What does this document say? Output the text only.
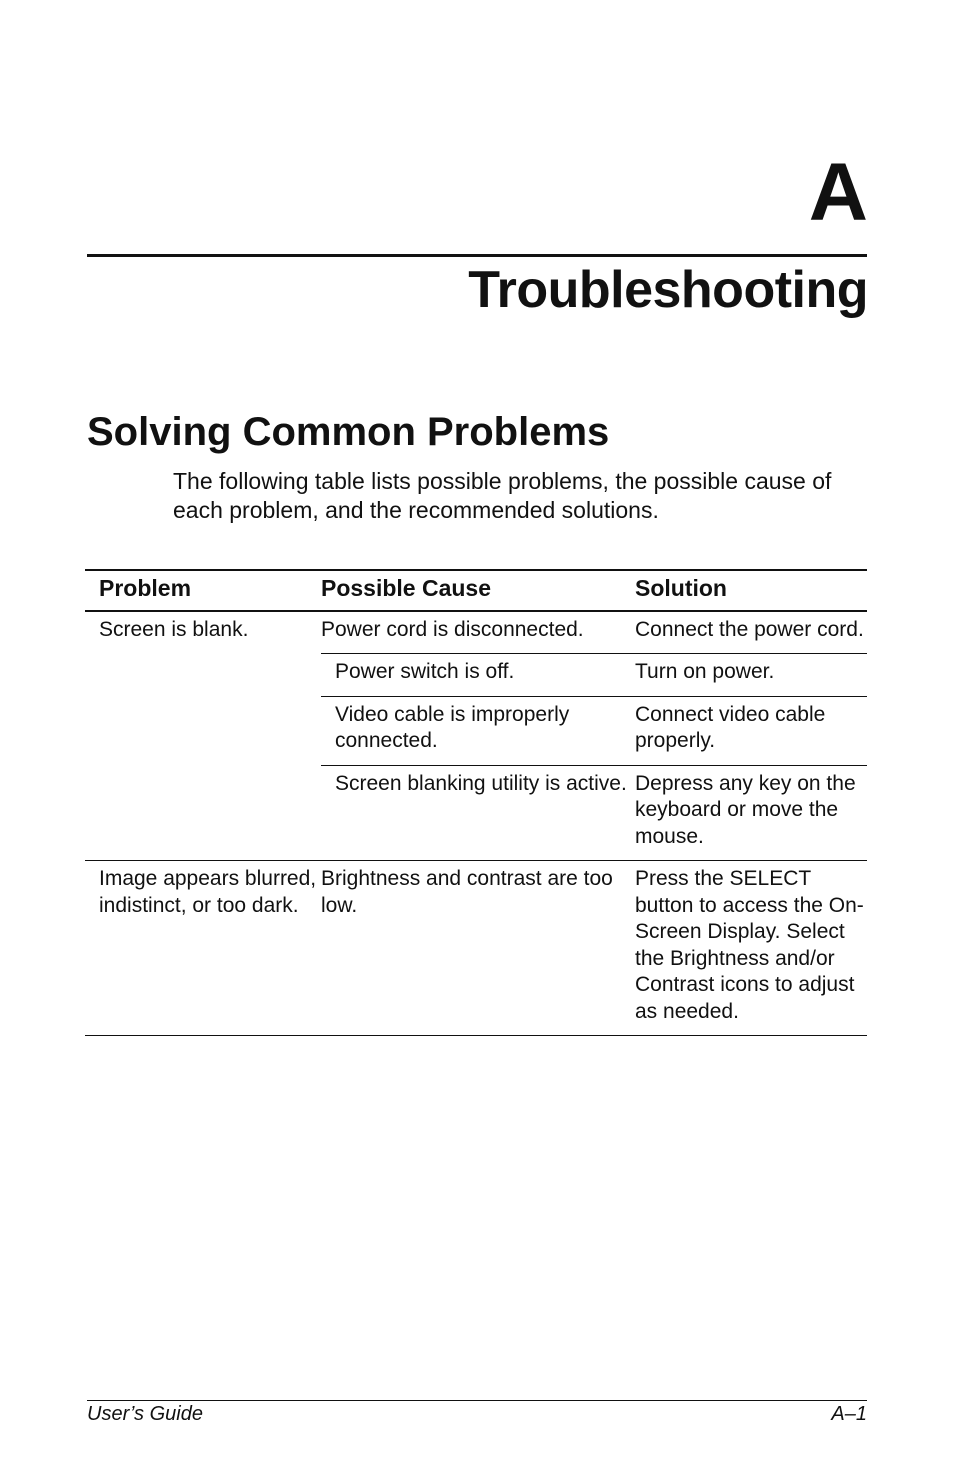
A
Troubleshooting
Solving Common Problems

The following table lists possible problems, the possible cause of each problem, and the recommended solutions.

Problem	Possible Cause	Solution
Screen is blank.	Power cord is disconnected.	Connect the power cord.
	Power switch is off.	Turn on power.
	Video cable is improperly connected.	Connect video cable properly.
	Screen blanking utility is active.	Depress any key on the keyboard or move the mouse.
Image appears blurred, indistinct, or too dark.	Brightness and contrast are too low.	Press the SELECT button to access the On-Screen Display. Select the Brightness and/or Contrast icons to adjust as needed.

User’s Guide	A–1
